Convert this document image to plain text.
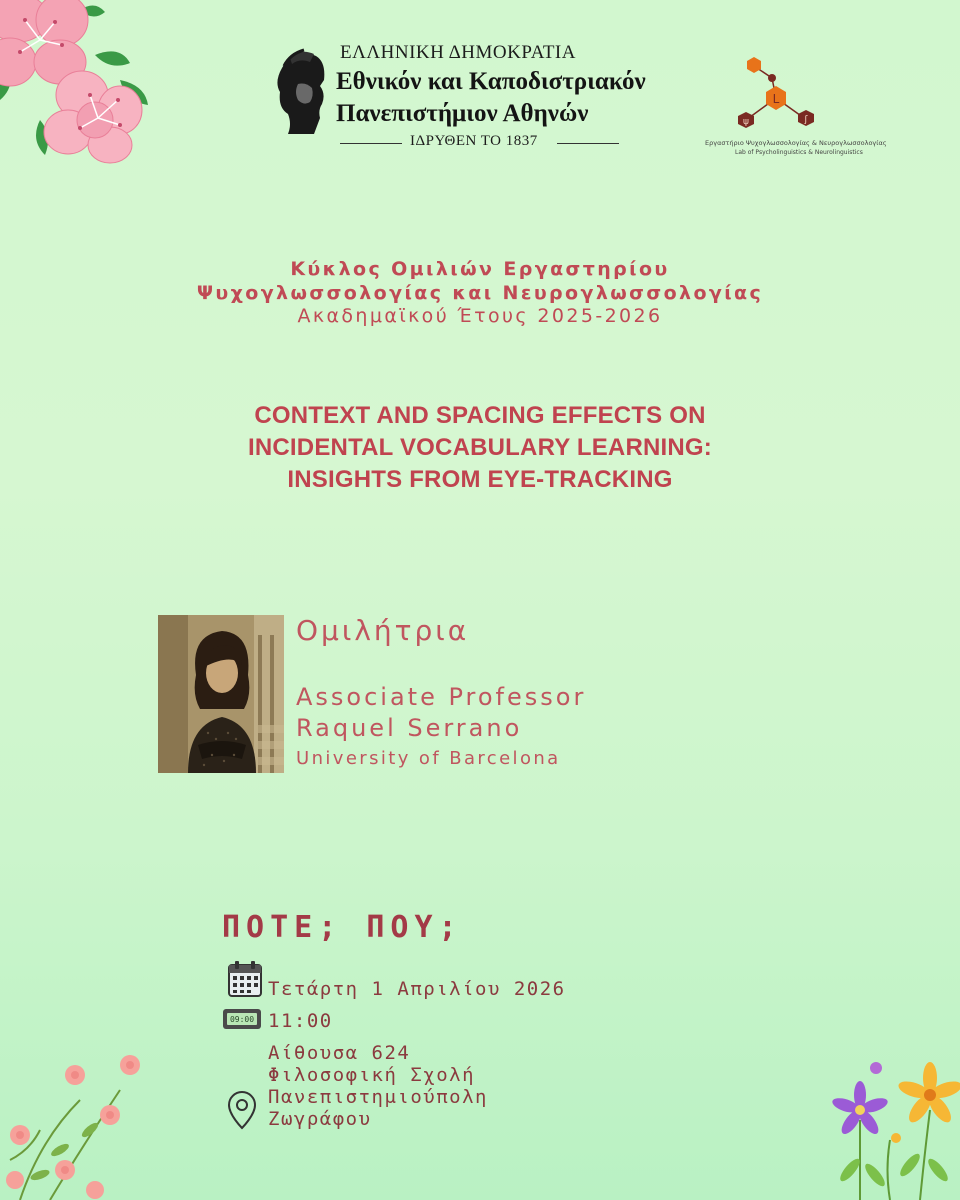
ΕΛΛΗΝΙΚΗ ΔΗΜΟΚΡΑΤΙΑ
Εθνικόν και Καποδιστριακόν
Πανεπιστήμιον Αθηνών
ΙΔΡΥΘΕΝ ΤΟ 1837
L
ψ	ʃ
Εργαστήριο Ψυχογλωσσολογίας & Νευρογλωσσολογίας
Lab of Psycholinguistics & Neurolinguistics
Κύκλος Ομιλιών Εργαστηρίου
Ψυχογλωσσολογίας και Νευρογλωσσολογίας
Ακαδημαϊκού Έτους 2025-2026
CONTEXT AND SPACING EFFECTS ON
INCIDENTAL VOCABULARY LEARNING:
INSIGHTS FROM EYE-TRACKING
Ομιλήτρια
Associate Professor
Raquel Serrano
University of Barcelona
ΠΟΤΕ; ΠΟΥ;
Τετάρτη 1 Απριλίου 2026
09:00 11:00
Αίθουσα 624
Φιλοσοφική Σχολή
Πανεπιστημιούπολη
Ζωγράφου
